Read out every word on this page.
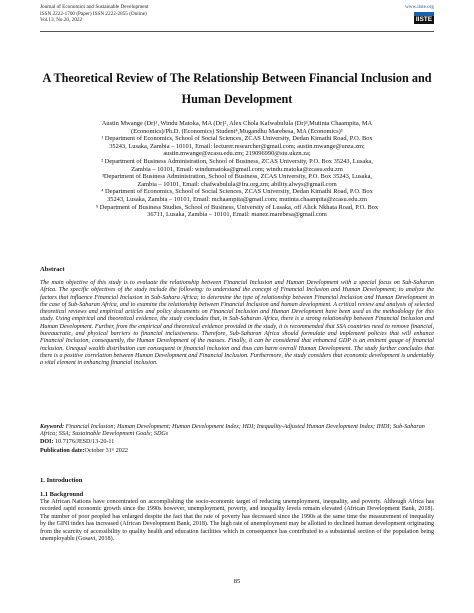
Journal of Economics and Sustainable Development
ISSN 2222-1700 (Paper) ISSN 2222-2855 (Online)
Vol.13, No.20, 2022
www.iiste.org
IISTE
A Theoretical Review of The Relationship Between Financial Inclusion and Human Development
Austin Mwange (Dr)¹, Windu Matoka, MA (Dr)², Alex Chola Kafwabulula (Dr)³,Mutinta Chaampita, MA
(Economics)/Ph.D. (Economics) Student⁴,Mugandhu Marebesa, MA (Economics)⁵
¹ Department of Economics, School of Social Sciences, ZCAS University, Dedan Kimathi Road, P.O. Box
35243, Lusaka, Zambia – 10101, Email: lecturer.researcher@gmail.com; austin.mwange@unza.zm;
austin.mwange@zcasu.edu.zm; 219096990@stu.ukzn.za;
² Department of Business Administration, School of Business, ZCAS University, P.O. Box 35243, Lusaka,
Zambia – 10101, Email: windumatoka@gmail.com; windu.matoka@zcasu.edu.zm
³Department of Business Administration, School of Business, ZCAS University, P.O. Box 35243, Lusaka,
Zambia – 10101, Email: chafwabulula@fra.org.zm; ability.alwys@gmail.com
⁴ Department of Economics, School of Social Sciences, ZCAS University, Dedan Kimathi Road, P.O. Box
35243, Lusaka, Zambia – 10101, Email: mchaampita@gmail.com; mutinta.chaampita@zcasu.edu.zm
⁵ Department of Business Studies, School of Business, University of Lusaka, off Alick Nkhata Road, P.O. Box
36711, Lusaka, Zambia – 10101, Email: manez.marebesa@gmail.com
Abstract
The main objective of this study is to evaluate the relationship between Financial Inclusion and Human Development with a special focus on Sub-Saharan Africa. The specific objectives of the study include the following: to understand the concept of Financial Inclusion and Human Development; to analyze the factors that influence Financial Inclusion in Sub-Sahara Africa; to determine the type of relationship between Financial Inclusion and Human Development in the case of Sub-Saharan Africa, and to examine the relationship between Financial Inclusion and human development. A critical review and analysis of selected theoretical reviews and empirical articles and policy documents on Financial Inclusion and Human Development have been used as the methodology for this study. Using empirical and theoretical evidence, the study concludes that, in Sub-Saharan Africa, there is a strong relationship between Financial Inclusion and Human Development. Further, from the empirical and theoretical evidence provided in the study, it is recommended that SSA countries need to remove financial, bureaucratic, and physical barriers to financial inclusiveness. Therefore, Sub-Saharan Africa should formulate and implement policies that will enhance Financial Inclusion, consequently, the Human Development of the masses. Finally, it can be considered that enhanced GDP is an eminent gauge of financial inclusion. Unequal wealth distribution can consequent in financial inclusion and thus can harm overall Human Development. The study further concludes that there is a positive correlation between Human Development and Financial Inclusion. Furthermore, the study considers that economic development is undeniably a vital element in enhancing financial inclusion.
Keyword: Financial Inclusion; Human Development; Human Development Index; HDI; Inequality-Adjusted Human Development Index; IHDI; Sub-Saharan Africa; SSA; Sustainable Development Goals; SDGs
DOI: 10.7176/JESD/13-20-11
Publication date:October 31ˢᵗ 2022
1. Introduction
1.1 Background
The African Nations have concentrated on accomplishing the socio-economic target of reducing unemployment, inequality, and poverty. Although Africa has recorded rapid economic growth since the 1990s however, unemployment, poverty, and inequality levels remain elevated (African Development Bank, 2018). The number of poor peopled has enlarged despite the fact that the rate of poverty has decreased since the 1990s at the same time the measurement of inequality by the GINI index has increased (African Development Bank, 2018). The high rate of unemployment may be allotted to declined human development originating from the scarcity of accessibility to quality health and education facilities which in consequence has contributed to a substantial section of the population being unemployable (Gosavi, 2018).
85
